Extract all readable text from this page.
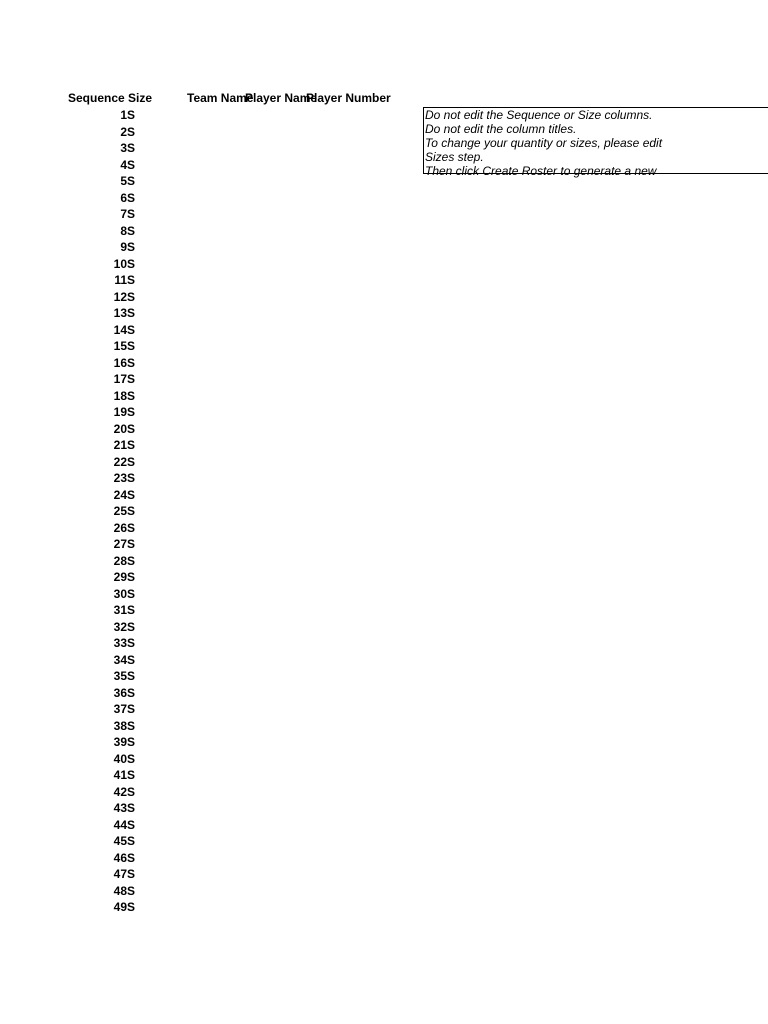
Sequence Size	Team Name
Player Name
Player Number
1 S
2 S
3 S
4 S
5 S
6 S
7 S
8 S
9 S
10 S
11 S
12 S
13 S
14 S
15 S
16 S
17 S
18 S
19 S
20 S
21 S
22 S
23 S
24 S
25 S
26 S
27 S
28 S
29 S
30 S
31 S
32 S
33 S
34 S
35 S
36 S
37 S
38 S
39 S
40 S
41 S
42 S
43 S
44 S
45 S
46 S
47 S
48 S
49 S
Do not edit the Sequence or Size columns.
Do not edit the column titles.
To change your quantity or sizes, please edit
Sizes step.
Then click Create Roster to generate a new
